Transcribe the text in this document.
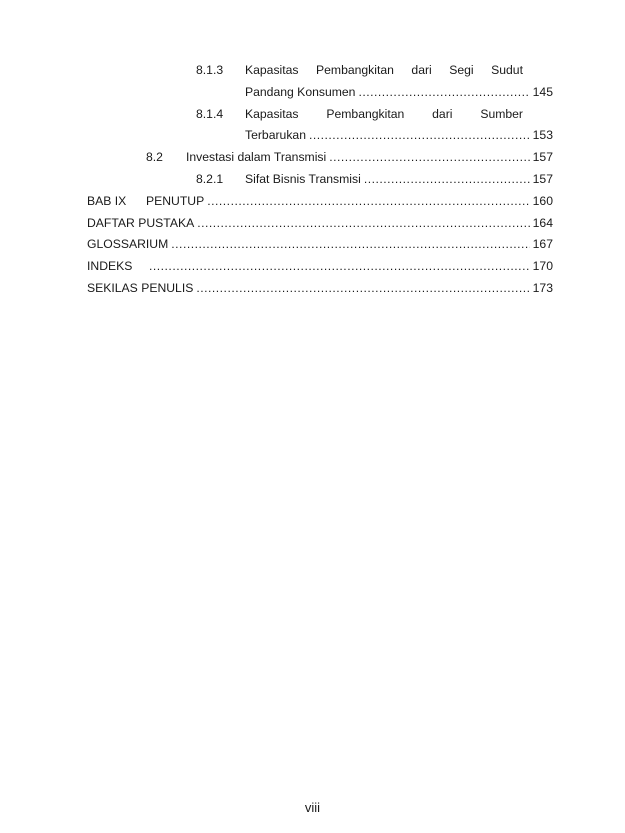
8.1.3	Kapasitas Pembangkitan dari Segi Sudut
Pandang Konsumen .....	145
8.1.4	Kapasitas Pembangkitan dari Sumber
Terbarukan .....	153
8.2	Investasi dalam Transmisi .....	157
8.2.1	Sifat Bisnis Transmisi .....	157
BAB IX	PENUTUP .....	160
DAFTAR PUSTAKA .....	164
GLOSSARIUM .....	167
INDEKS .....	170
SEKILAS PENULIS .....	173
viii
